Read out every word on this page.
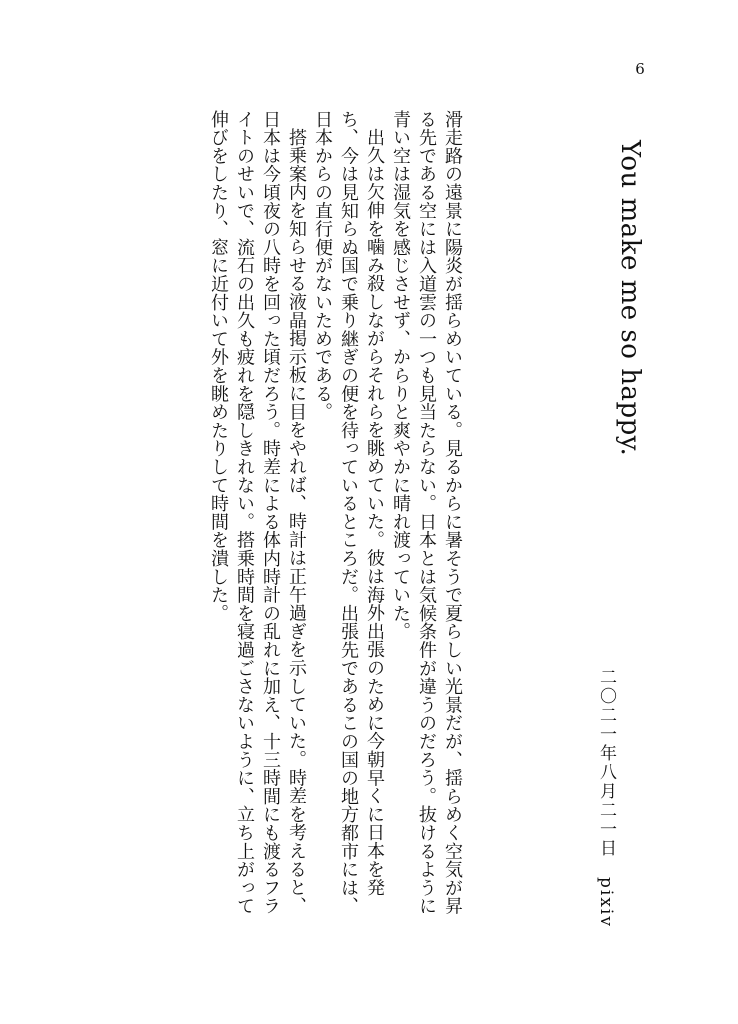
6
You make me so happy.
二〇二一年八月二一日　pixiv

滑走路の遠景に陽炎が揺らめいている。見るからに暑そうで夏らしい光景だが、揺らめく空気が昇る先である空には入道雲の一つも見当たらない。日本とは気候条件が違うのだろう。抜けるように青い空は湿気を感じさせず、からりと爽やかに晴れ渡っていた。

出久は欠伸を噛み殺しながらそれらを眺めていた。彼は海外出張のために今朝早くに日本を発ち、今は見知らぬ国で乗り継ぎの便を待っているところだ。出張先であるこの国の地方都市には、日本からの直行便がないためである。

搭乗案内を知らせる液晶掲示板に目をやれば、時計は正午過ぎを示していた。時差を考えると、日本は今頃夜の八時を回った頃だろう。時差による体内時計の乱れに加え、十三時間にも渡るフライトのせいで、流石の出久も疲れを隠しきれない。搭乗時間を寝過ごさないように、立ち上がって伸びをしたり、窓に近付いて外を眺めたりして時間を潰した。
